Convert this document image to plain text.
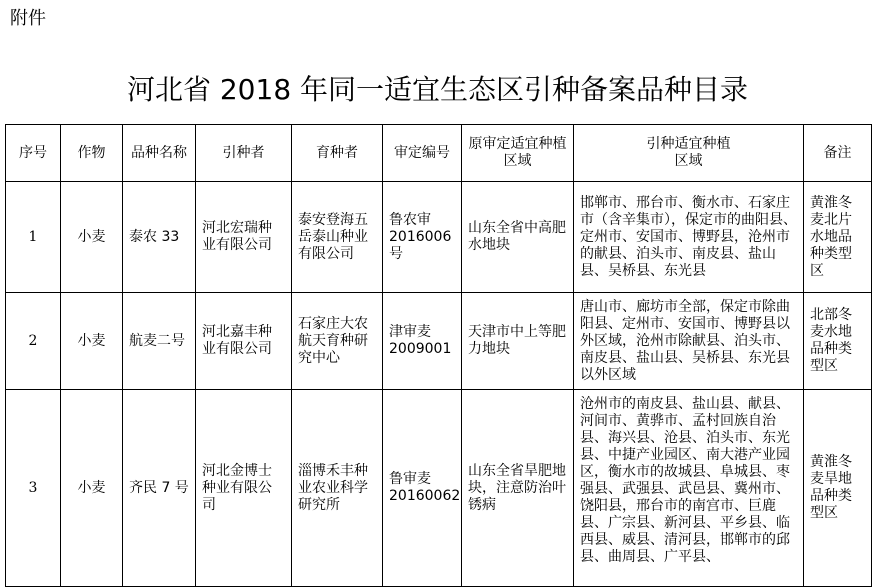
附件
河北省 2018 年同一适宜生态区引种备案品种目录
序号	作物	品种名称	引种者	育种者	审定编号	原审定适宜种植区域	引种适宜种植区域	备注
1	小麦	泰农 33	河北宏瑞种业有限公司	泰安登海五岳泰山种业有限公司	鲁农审2016006号	山东全省中高肥水地块	邯郸市、邢台市、衡水市、石家庄市（含辛集市），保定市的曲阳县、定州市、安国市、博野县，沧州市的献县、泊头市、南皮县、盐山县、吴桥县、东光县	黄淮冬麦北片水地品种类型区
2	小麦	航麦二号	河北嘉丰种业有限公司	石家庄大农航天育种研究中心	津审麦2009001	天津市中上等肥力地块	唐山市、廊坊市全部，保定市除曲阳县、定州市、安国市、博野县以外区域，沧州市除献县、泊头市、南皮县、盐山县、吴桥县、东光县以外区域	北部冬麦水地品种类型区
3	小麦	齐民 7 号	河北金博士种业有限公司	淄博禾丰种业农业科学研究所	鲁审麦20160062	山东全省旱肥地块，注意防治叶锈病	沧州市的南皮县、盐山县、献县、河间市、黄骅市、孟村回族自治县、海兴县、沧县、泊头市、东光县、中捷产业园区、南大港产业园区，衡水市的故城县、阜城县、枣强县、武强县、武邑县、冀州市、饶阳县，邢台市的南宫市、巨鹿县、广宗县、新河县、平乡县、临西县、威县、清河县，邯郸市的邱县、曲周县、广平县、	黄淮冬麦旱地品种类型区
